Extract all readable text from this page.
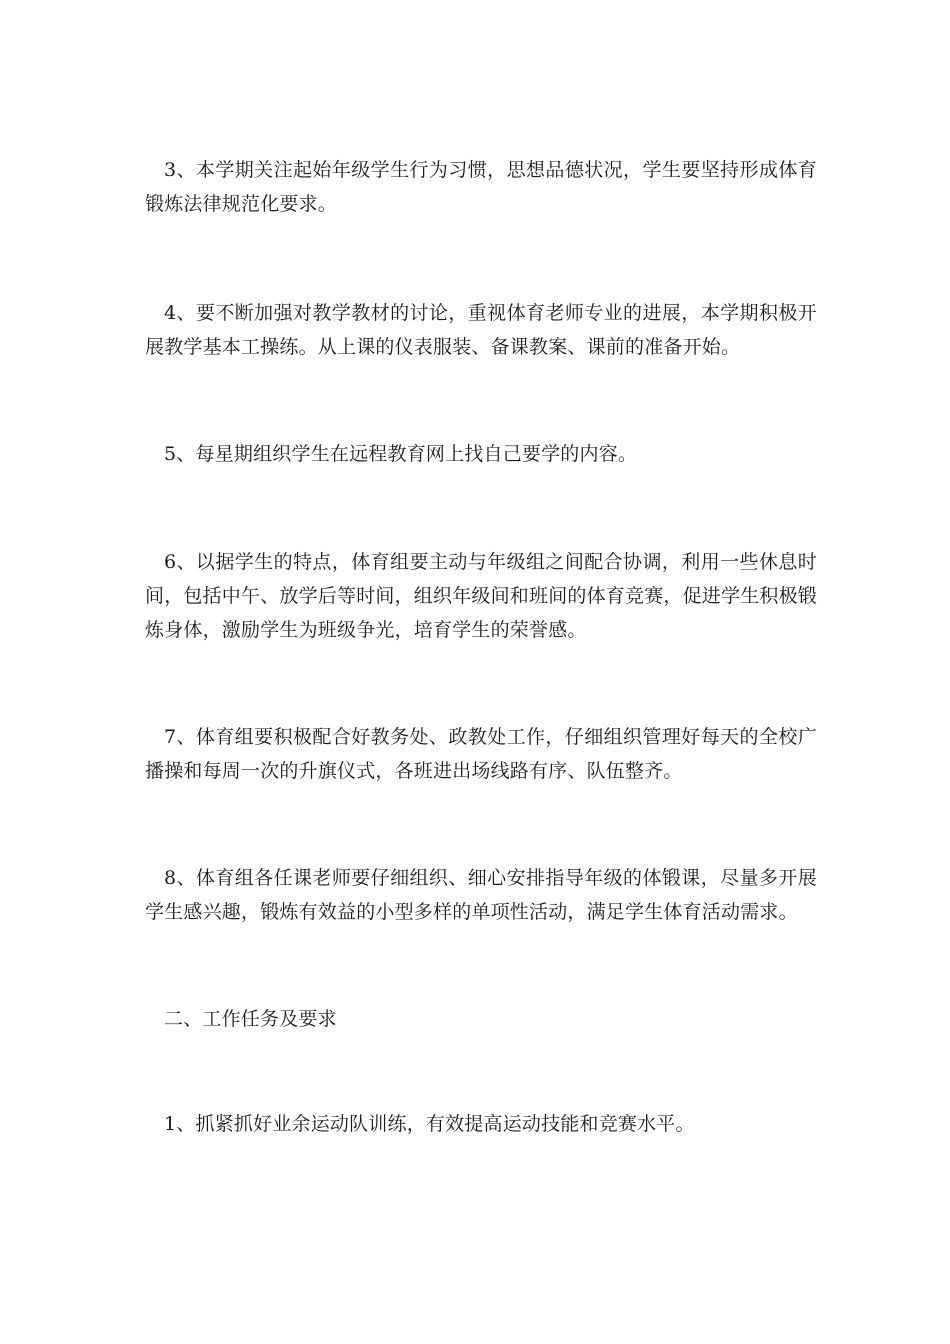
3、本学期关注起始年级学生行为习惯，思想品德状况，学生要坚持形成体育锻炼法律规范化要求。

4、要不断加强对教学教材的讨论，重视体育老师专业的进展，本学期积极开展教学基本工操练。从上课的仪表服装、备课教案、课前的准备开始。

5、每星期组织学生在远程教育网上找自己要学的内容。

6、以据学生的特点，体育组要主动与年级组之间配合协调，利用一些休息时间，包括中午、放学后等时间，组织年级间和班间的体育竞赛，促进学生积极锻炼身体，激励学生为班级争光，培育学生的荣誉感。

7、体育组要积极配合好教务处、政教处工作，仔细组织管理好每天的全校广播操和每周一次的升旗仪式，各班进出场线路有序、队伍整齐。

8、体育组各任课老师要仔细组织、细心安排指导年级的体锻课，尽量多开展学生感兴趣，锻炼有效益的小型多样的单项性活动，满足学生体育活动需求。

二、工作任务及要求

1、抓紧抓好业余运动队训练，有效提高运动技能和竞赛水平。
